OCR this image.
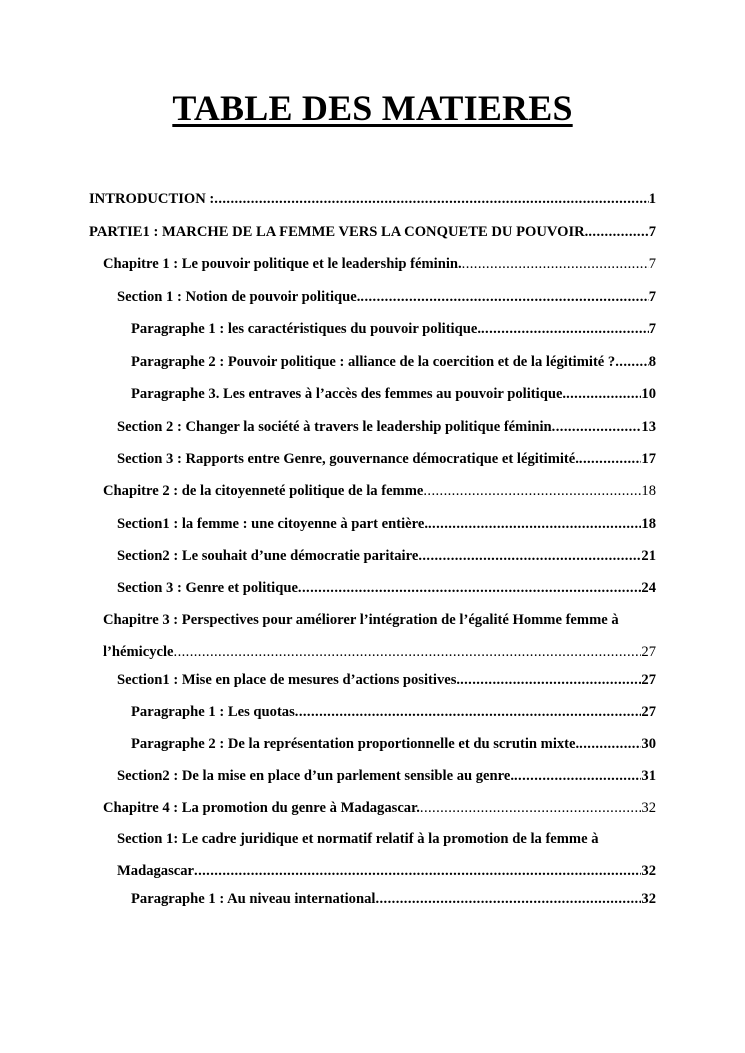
TABLE DES MATIERES
INTRODUCTION : .....	1
PARTIE1 : MARCHE DE LA FEMME VERS LA CONQUETE DU POUVOIR. .....	7
Chapitre 1 : Le pouvoir politique et le leadership féminin. .....	7
Section 1 : Notion de pouvoir politique. .....	7
Paragraphe 1 : les caractéristiques du pouvoir politique. .....	7
Paragraphe 2 : Pouvoir politique : alliance de la coercition et de la légitimité ? ..... 8
Paragraphe 3. Les entraves à l’accès des femmes au pouvoir politique. .....	10
Section 2 : Changer la société à travers le leadership politique féminin .....	13
Section 3 : Rapports entre Genre, gouvernance démocratique et légitimité. .....	17
Chapitre 2 : de la citoyenneté politique de la femme .....	18
Section1 : la femme : une citoyenne à part entière. .....	18
Section2 : Le souhait d’une démocratie paritaire .....	21
Section 3 : Genre et politique .....	24
Chapitre 3 : Perspectives pour améliorer l’intégration de l’égalité Homme femme à
l’hémicycle .....	27
Section1 : Mise en place de mesures d’actions positives. .....	27
Paragraphe 1 : Les quotas .....	27
Paragraphe 2 : De la représentation proportionnelle et du scrutin mixte. .....	30
Section2 : De la mise en place d’un parlement sensible au genre. .....	31
Chapitre 4 : La promotion du genre à Madagascar. .....	32
Section 1: Le cadre juridique et normatif relatif à la promotion de la femme à
Madagascar .....	32
Paragraphe 1 : Au niveau international .....	32
